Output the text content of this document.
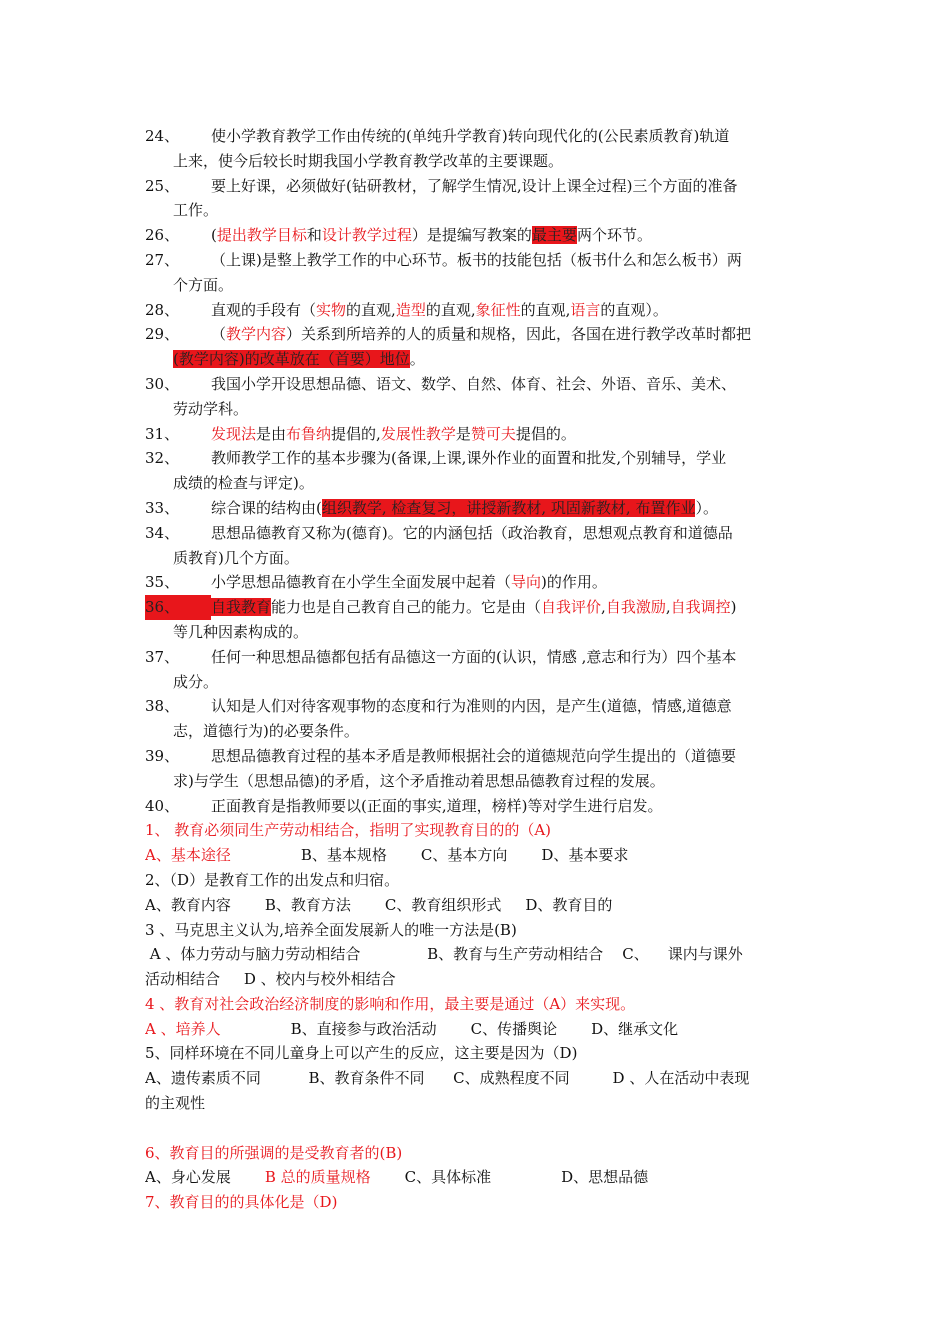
24、 使小学教育教学工作由传统的(单纯升学教育)转向现代化的(公民素质教育)轨道
上来，使今后较长时期我国小学教育教学改革的主要课题。
25、 要上好课，必须做好(钻研教材，了解学生情况,设计上课全过程)三个方面的准备
工作。
26、 (提出教学目标和设计教学过程）是提编写教案的最主要两个环节。
27、 （上课)是整上教学工作的中心环节。板书的技能包括（板书什么和怎么板书）两
个方面。
28、 直观的手段有（实物的直观,造型的直观,象征性的直观,语言的直观）。
29、 （教学内容）关系到所培养的人的质量和规格，因此，各国在进行教学改革时都把
(教学内容)的改革放在（首要）地位。
30、 我国小学开设思想品德、语文、数学、自然、体育、社会、外语、音乐、美术、
劳动学科。
31、 发现法是由布鲁纳提倡的,发展性教学是赞可夫提倡的。
32、 教师教学工作的基本步骤为(备课,上课,课外作业的面置和批发,个别辅导，学业
成绩的检查与评定)。
33、 综合课的结构由(组织教学, 检查复习，讲授新教材, 巩固新教材, 布置作业）。
34、 思想品德教育又称为(德育)。它的内涵包括（政治教育，思想观点教育和道德品
质教育)几个方面。
35、 小学思想品德教育在小学生全面发展中起着（导向)的作用。
36、 自我教育能力也是自己教育自己的能力。它是由（自我评价,自我激励,自我调控)
等几种因素构成的。
37、 任何一种思想品德都包括有品德这一方面的(认识，情感 ,意志和行为）四个基本
成分。
38、 认知是人们对待客观事物的态度和行为准则的内因，是产生(道德，情感,道德意
志，道德行为)的必要条件。
39、 思想品德教育过程的基本矛盾是教师根据社会的道德规范向学生提出的（道德要
求)与学生（思想品德)的矛盾，这个矛盾推动着思想品德教育过程的发展。
40、 正面教育是指教师要以(正面的事实,道理，榜样)等对学生进行启发。
1、 教育必须同生产劳动相结合，指明了实现教育目的的（A)
A、基本途径	B、基本规格 C、基本方向 D、基本要求
2、（D）是教育工作的出发点和归宿。
A、教育内容 B、教育方法 C、教育组织形式 D、教育目的
3 、马克思主义认为,培养全面发展新人的唯一方法是(B)
A 、体力劳动与脑力劳动相结合              B、教育与生产劳动相结合    C、    课内与课外
活动相结合     D 、校内与校外相结合
4 、教育对社会政治经济制度的影响和作用，最主要是通过（A）来实现。
A 、培养人	B、直接参与政治活动 C、传播舆论 D、继承文化
5、同样环境在不同儿童身上可以产生的反应，这主要是因为（D)
A、遗传素质不同          B、教育条件不同      C、成熟程度不同         D 、人在活动中表现
的主观性
6、教育目的所强调的是受教育者的(B)
A、身心发展 B 总的质量规格 C、具体标准	D、思想品德
7、教育目的的具体化是（D)
